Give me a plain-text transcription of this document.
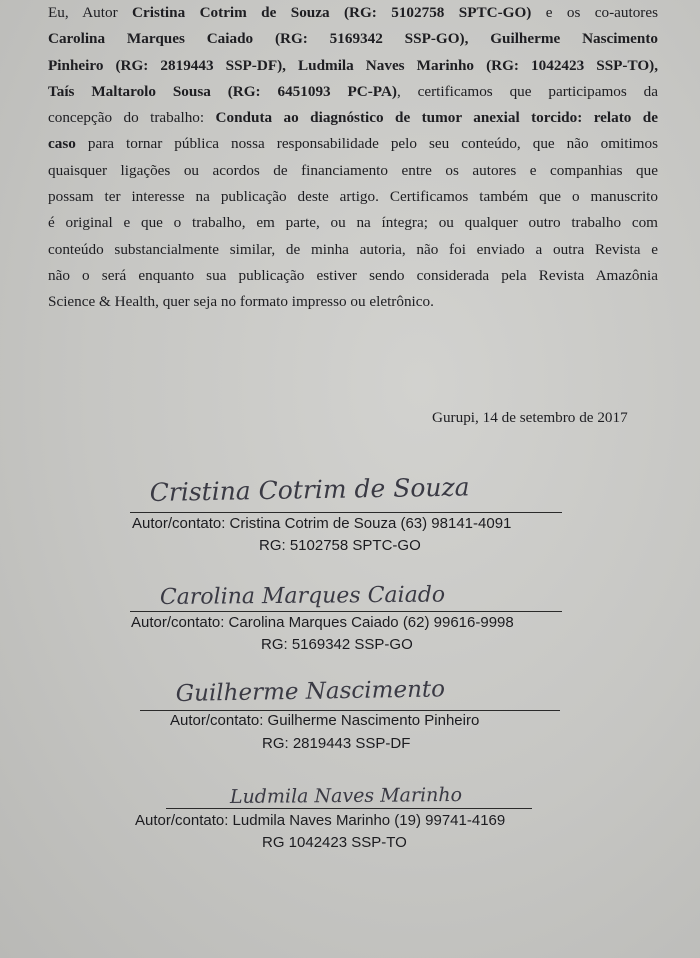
Eu, Autor Cristina Cotrim de Souza (RG: 5102758 SPTC-GO) e os co-autores
Carolina Marques Caiado (RG: 5169342 SSP-GO), Guilherme Nascimento
Pinheiro (RG: 2819443 SSP-DF), Ludmila Naves Marinho (RG: 1042423 SSP-TO),
Taís Maltarolo Sousa (RG: 6451093 PC-PA), certificamos que participamos da
concepção do trabalho: Conduta ao diagnóstico de tumor anexial torcido: relato de
caso para tornar pública nossa responsabilidade pelo seu conteúdo, que não omitimos
quaisquer ligações ou acordos de financiamento entre os autores e companhias que
possam ter interesse na publicação deste artigo. Certificamos também que o manuscrito
é original e que o trabalho, em parte, ou na íntegra; ou qualquer outro trabalho com
conteúdo substancialmente similar, de minha autoria, não foi enviado a outra Revista e
não o será enquanto sua publicação estiver sendo considerada pela Revista Amazônia
Science & Health, quer seja no formato impresso ou eletrônico.
Gurupi, 14 de setembro de 2017
Cristina Cotrim de Souza
Autor/contato: Cristina Cotrim de Souza (63) 98141-4091
RG: 5102758 SPTC-GO
Carolina Marques Caiado
Autor/contato: Carolina Marques Caiado (62) 99616-9998
RG: 5169342 SSP-GO
Guilherme Nascimento
Autor/contato: Guilherme Nascimento Pinheiro
RG: 2819443 SSP-DF
Ludmila Naves Marinho
Autor/contato: Ludmila Naves Marinho (19) 99741-4169
RG 1042423 SSP-TO
